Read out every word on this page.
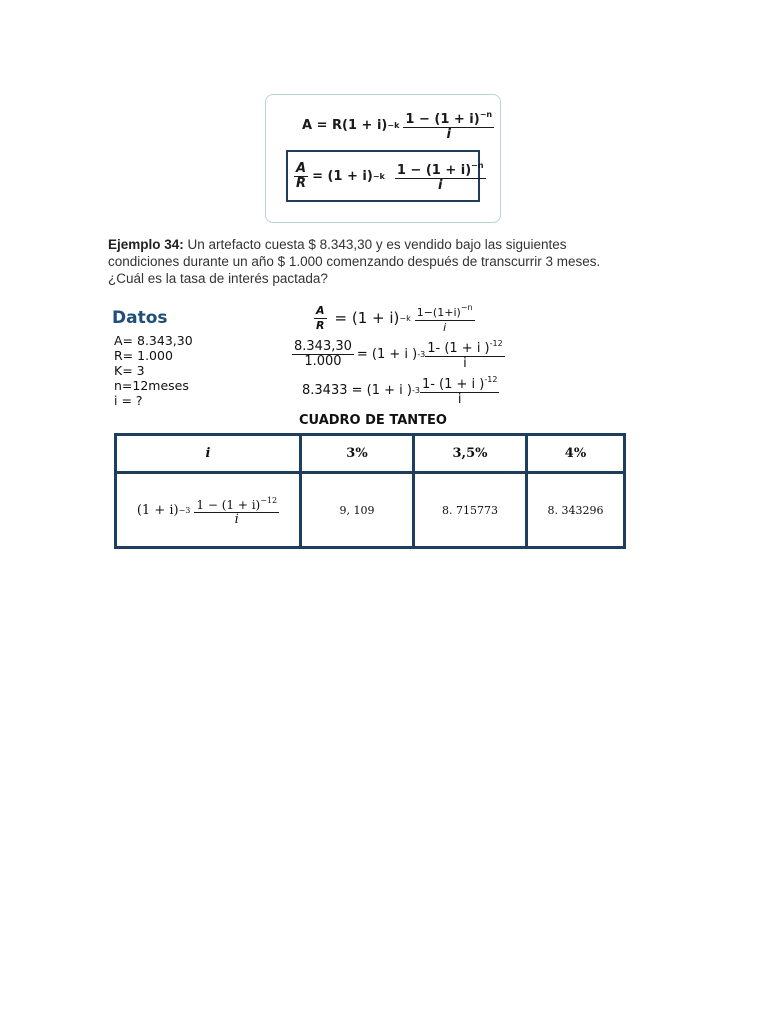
$A = R(1 + i) -k \frac{1 - (1 + i)^{-n}}{i}$
$\frac{A}{R} = (1 + i) -k \frac{1 - (1 + i)^{-n}}{i}$
Ejemplo 34: Un artefacto cuesta $ 8.343,30 y es vendido bajo las siguientes
condiciones durante un año $ 1.000 comenzando después de transcurrir 3 meses.
¿Cuál es la tasa de interés pactada?
Datos
A= 8.343,30
R= 1.000
K= 3
n=12meses
i = ?
$\frac{A}{R} = (1 + i) -k \frac{1-(1+i)^{-n}}{i}$
$\frac{8.343,30}{1.000} = (1 + i$ ) $-3 \frac{1- (1 + i )^{-12}}{i}$
8.3433 = (1 + i ) $-3 \frac{1- (1 + i )^{-12}}{i}$
CUADRO DE TANTEO
i	3%	3,5%	4%

$(1 + i) -3 \frac{1 - (1 + i)^{-12}}{i}$	9, 109	8. 715773	8. 343296
